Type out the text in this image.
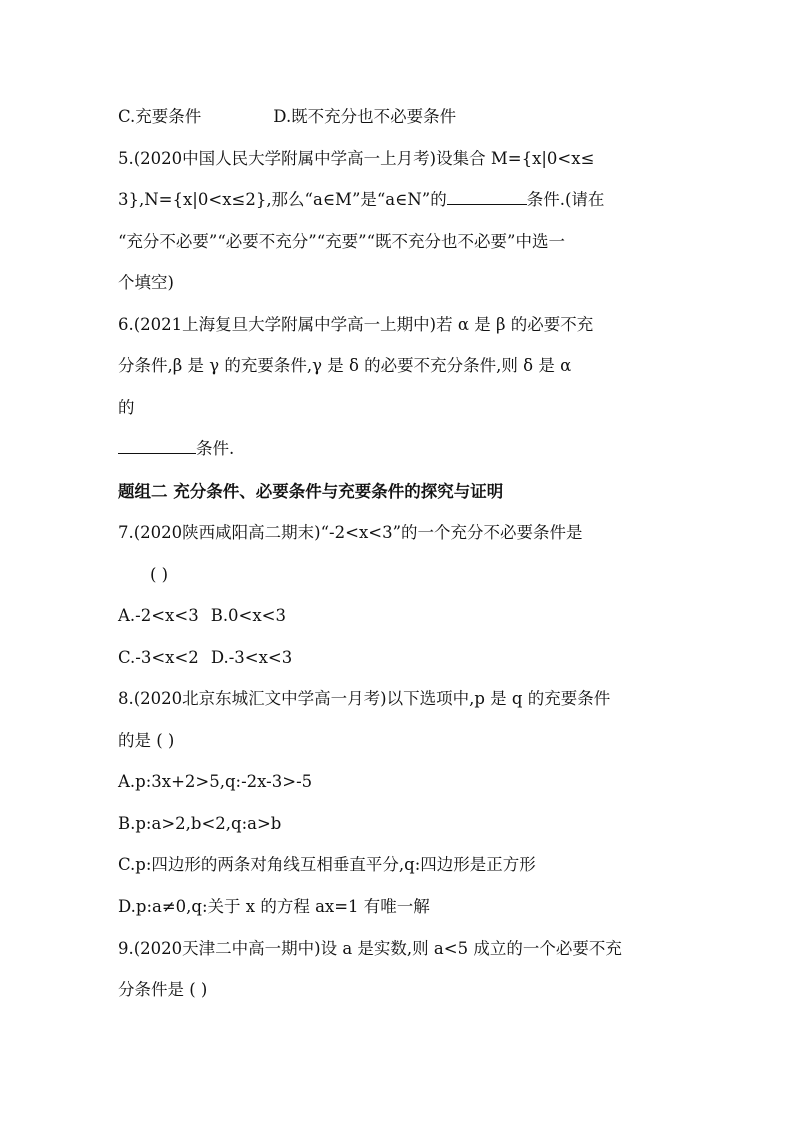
C.充要条件	D.既不充分也不必要条件
5.(2020中国人民大学附属中学高一上月考)设集合 M={x|0<x≤
3},N={x|0<x≤2},那么“a∈M”是“a∈N”的	条件.(请在
“充分不必要”“必要不充分”“充要”“既不充分也不必要”中选一
个填空)
6.(2021上海复旦大学附属中学高一上期中)若 α 是 β 的必要不充
分条件,β 是 γ 的充要条件,γ 是 δ 的必要不充分条件,则 δ 是 α
的
条件.
题组二 充分条件、必要条件与充要条件的探究与证明
7.(2020陕西咸阳高二期末)“-2<x<3”的一个充分不必要条件是
( )
A.-2<x<3 B.0<x<3
C.-3<x<2 D.-3<x<3
8.(2020北京东城汇文中学高一月考)以下选项中,p 是 q 的充要条件
的是 ( )
A.p:3x+2>5,q:-2x-3>-5
B.p:a>2,b<2,q:a>b
C.p:四边形的两条对角线互相垂直平分,q:四边形是正方形
D.p:a≠0,q:关于 x 的方程 ax=1 有唯一解
9.(2020天津二中高一期中)设 a 是实数,则 a<5 成立的一个必要不充
分条件是 ( )
